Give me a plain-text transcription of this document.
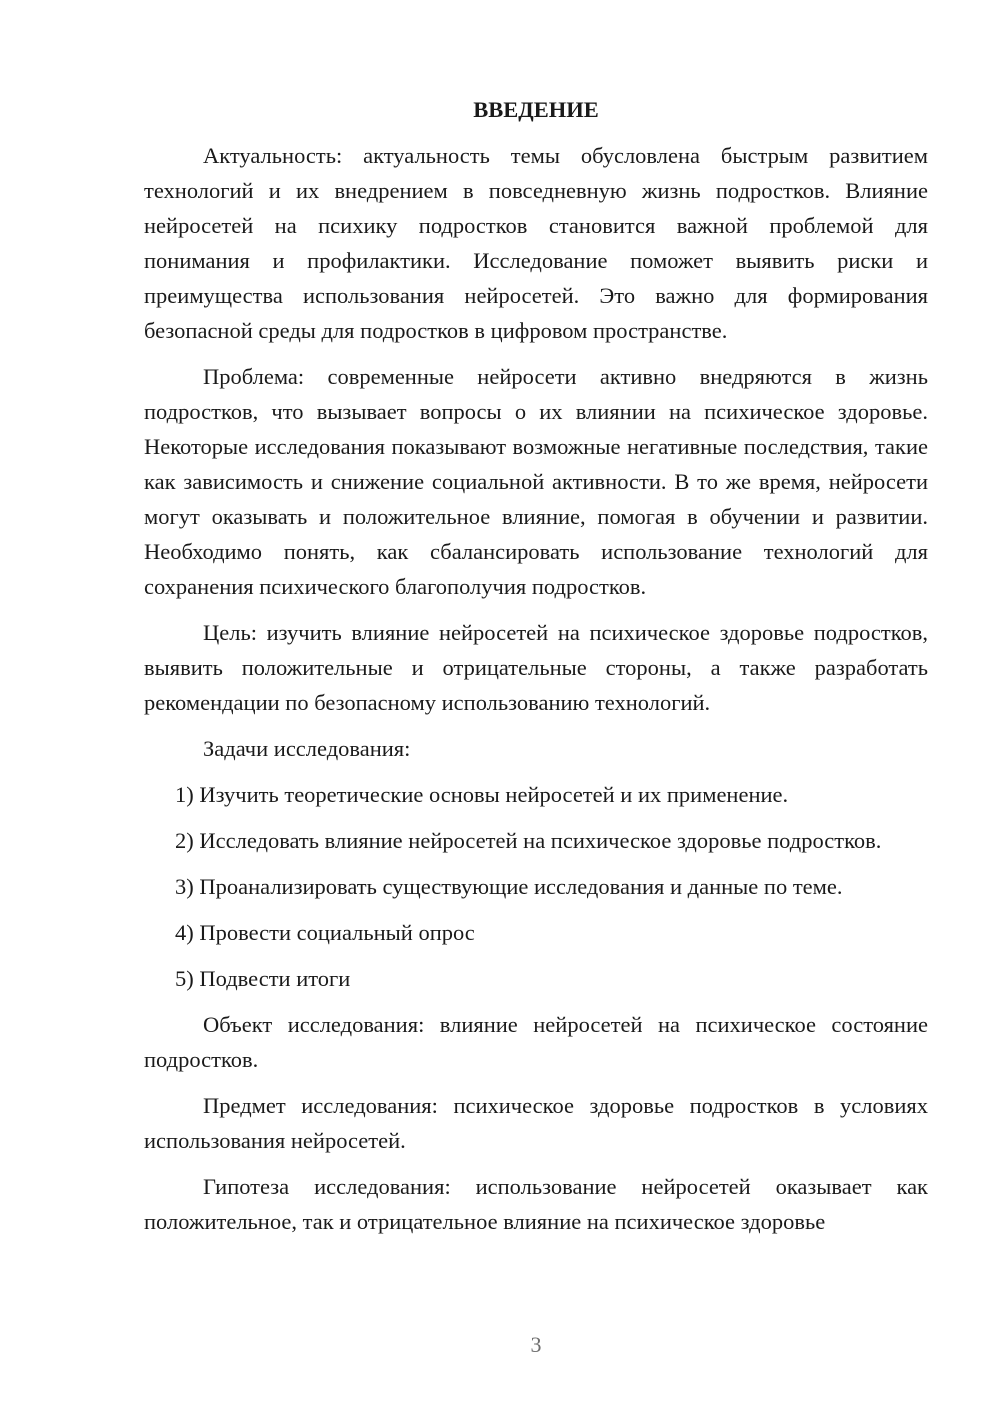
ВВЕДЕНИЕ

Актуальность: актуальность темы обусловлена быстрым развитием технологий и их внедрением в повседневную жизнь подростков. Влияние нейросетей на психику подростков становится важной проблемой для понимания и профилактики. Исследование поможет выявить риски и преимущества использования нейросетей. Это важно для формирования безопасной среды для подростков в цифровом пространстве.

Проблема: современные нейросети активно внедряются в жизнь подростков, что вызывает вопросы о их влиянии на психическое здоровье. Некоторые исследования показывают возможные негативные последствия, такие как зависимость и снижение социальной активности. В то же время, нейросети могут оказывать и положительное влияние, помогая в обучении и развитии. Необходимо понять, как сбалансировать использование технологий для сохранения психического благополучия подростков.

Цель: изучить влияние нейросетей на психическое здоровье подростков, выявить положительные и отрицательные стороны, а также разработать рекомендации по безопасному использованию технологий.

Задачи исследования:

1) Изучить теоретические основы нейросетей и их применение.

2) Исследовать влияние нейросетей на психическое здоровье подростков.

3) Проанализировать существующие исследования и данные по теме.

4) Провести социальный опрос

5) Подвести итоги

Объект исследования: влияние нейросетей на психическое состояние подростков.

Предмет исследования: психическое здоровье подростков в условиях использования нейросетей.

Гипотеза исследования: использование нейросетей оказывает как положительное, так и отрицательное влияние на психическое здоровье

3
